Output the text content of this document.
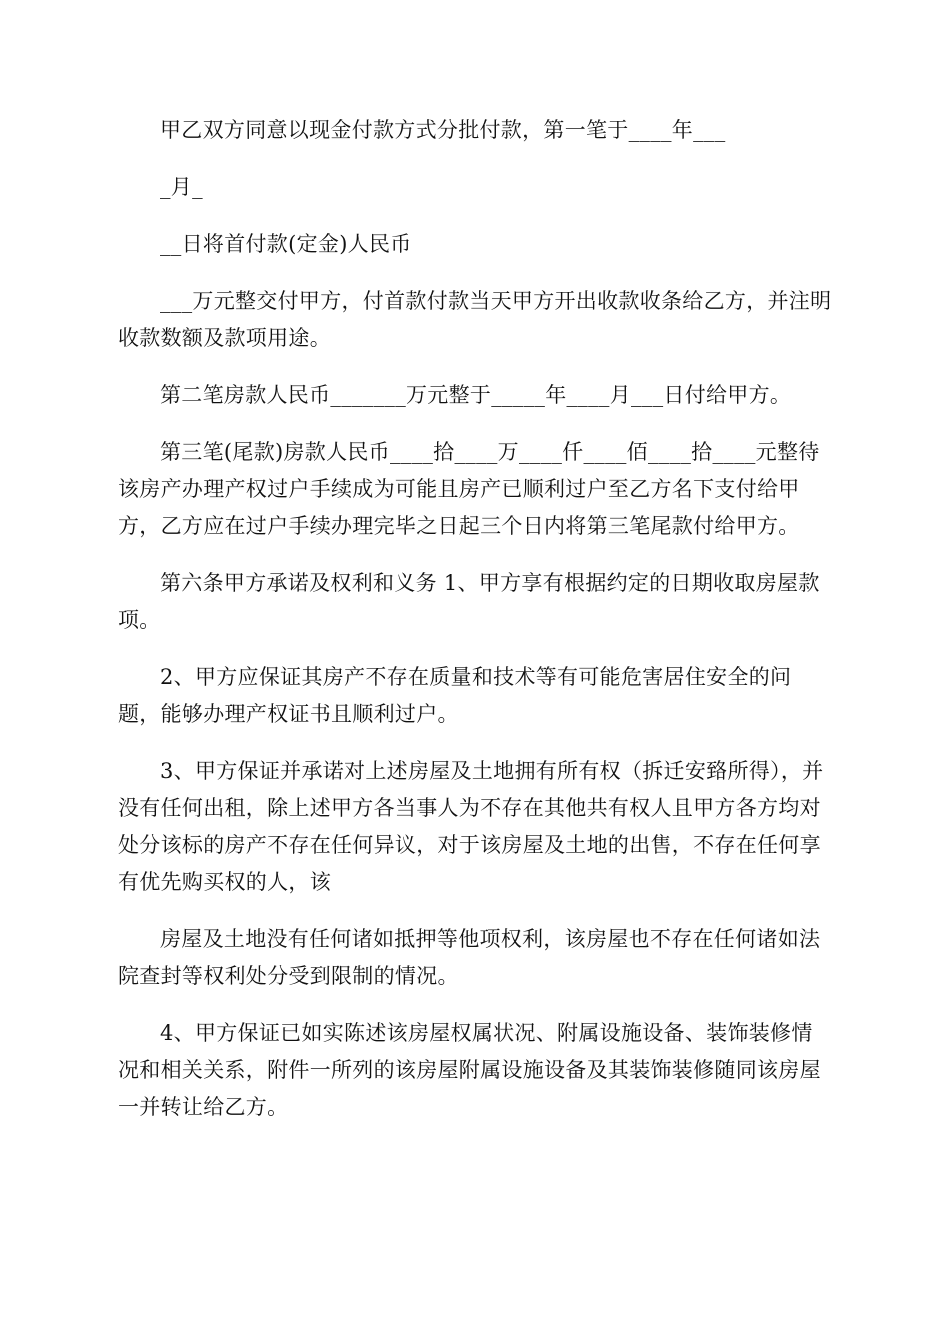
甲乙双方同意以现金付款方式分批付款，第一笔于____年___

_月_

__日将首付款(定金)人民币

___万元整交付甲方，付首款付款当天甲方开出收款收条给乙方，并注明收款数额及款项用途。

第二笔房款人民币_______万元整于_____年____月___日付给甲方。

第三笔(尾款)房款人民币____拾____万____仟____佰____拾____元整待该房产办理产权过户手续成为可能且房产已顺利过户至乙方名下支付给甲方，乙方应在过户手续办理完毕之日起三个日内将第三笔尾款付给甲方。

第六条甲方承诺及权利和义务 1、甲方享有根据约定的日期收取房屋款项。

2、甲方应保证其房产不存在质量和技术等有可能危害居住安全的问题，能够办理产权证书且顺利过户。

3、甲方保证并承诺对上述房屋及土地拥有所有权（拆迁安臵所得），并没有任何出租，除上述甲方各当事人为不存在其他共有权人且甲方各方均对处分该标的房产不存在任何异议，对于该房屋及土地的出售，不存在任何享有优先购买权的人，该

房屋及土地没有任何诸如抵押等他项权利，该房屋也不存在任何诸如法院查封等权利处分受到限制的情况。

4、甲方保证已如实陈述该房屋权属状况、附属设施设备、装饰装修情况和相关关系，附件一所列的该房屋附属设施设备及其装饰装修随同该房屋一并转让给乙方。
